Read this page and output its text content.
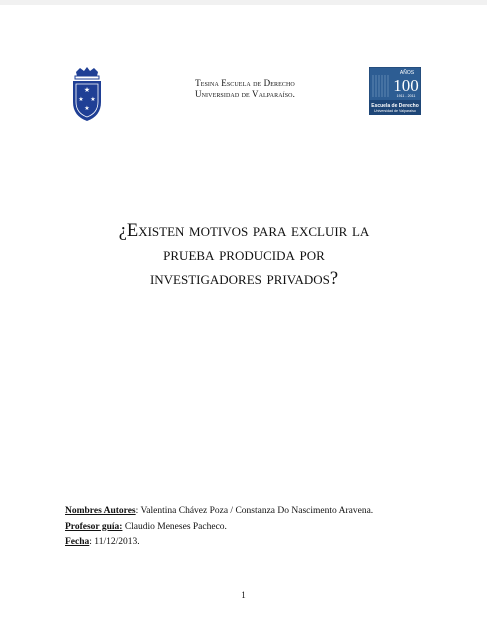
★
★ ★
★
Tesina Escuela de Derecho
Universidad de Valparaíso.
AÑOS
100
1911 - 2011
Escuela de Derecho
Universidad de Valparaíso
¿Existen motivos para excluir la
prueba producida por
investigadores privados?
Nombres Autores: Valentina Chávez Poza / Constanza Do Nascimento Aravena.
Profesor guía: Claudio Meneses Pacheco.
Fecha: 11/12/2013.
1
